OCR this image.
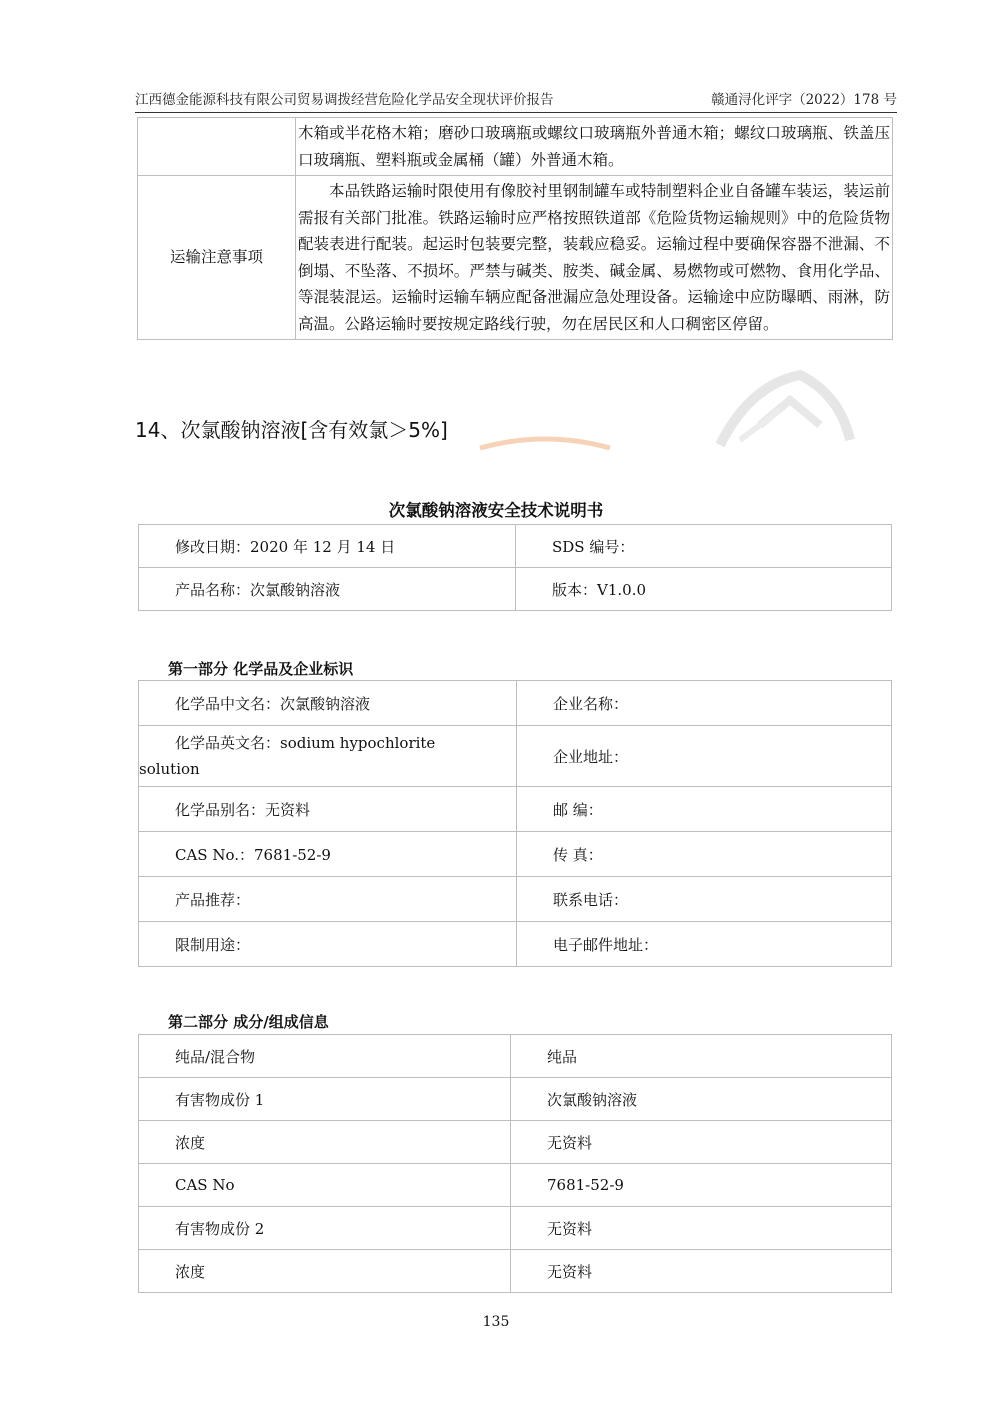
江西德金能源科技有限公司贸易调拨经营危险化学品安全现状评价报告	赣通浔化评字（2022）178 号
	木箱或半花格木箱；磨砂口玻璃瓶或螺纹口玻璃瓶外普通木箱；螺纹口玻璃瓶、铁盖压口玻璃瓶、塑料瓶或金属桶（罐）外普通木箱。
运输注意事项	本品铁路运输时限使用有像胶衬里钢制罐车或特制塑料企业自备罐车装运，装运前需报有关部门批准。铁路运输时应严格按照铁道部《危险货物运输规则》中的危险货物配装表进行配装。起运时包装要完整，装载应稳妥。运输过程中要确保容器不泄漏、不倒塌、不坠落、不损坏。严禁与碱类、胺类、碱金属、易燃物或可燃物、食用化学品、等混装混运。运输时运输车辆应配备泄漏应急处理设备。运输途中应防曝晒、雨淋，防高温。公路运输时要按规定路线行驶，勿在居民区和人口稠密区停留。
14、次氯酸钠溶液[含有效氯＞5%]
次氯酸钠溶液安全技术说明书
修改日期：2020 年 12 月 14 日	SDS 编号：
产品名称：次氯酸钠溶液	版本：V1.0.0

第一部分 化学品及企业标识

化学品中文名：次氯酸钠溶液	企业名称：
化学品英文名：sodium hypochlorite
solution	企业地址：
化学品别名：无资料	邮 编：
CAS No.：7681-52-9	传 真：
产品推荐：	联系电话：
限制用途：	电子邮件地址：

第二部分 成分/组成信息

纯品/混合物	纯品
有害物成份 1	次氯酸钠溶液
浓度	无资料
CAS No	7681-52-9
有害物成份 2	无资料
浓度	无资料
135
